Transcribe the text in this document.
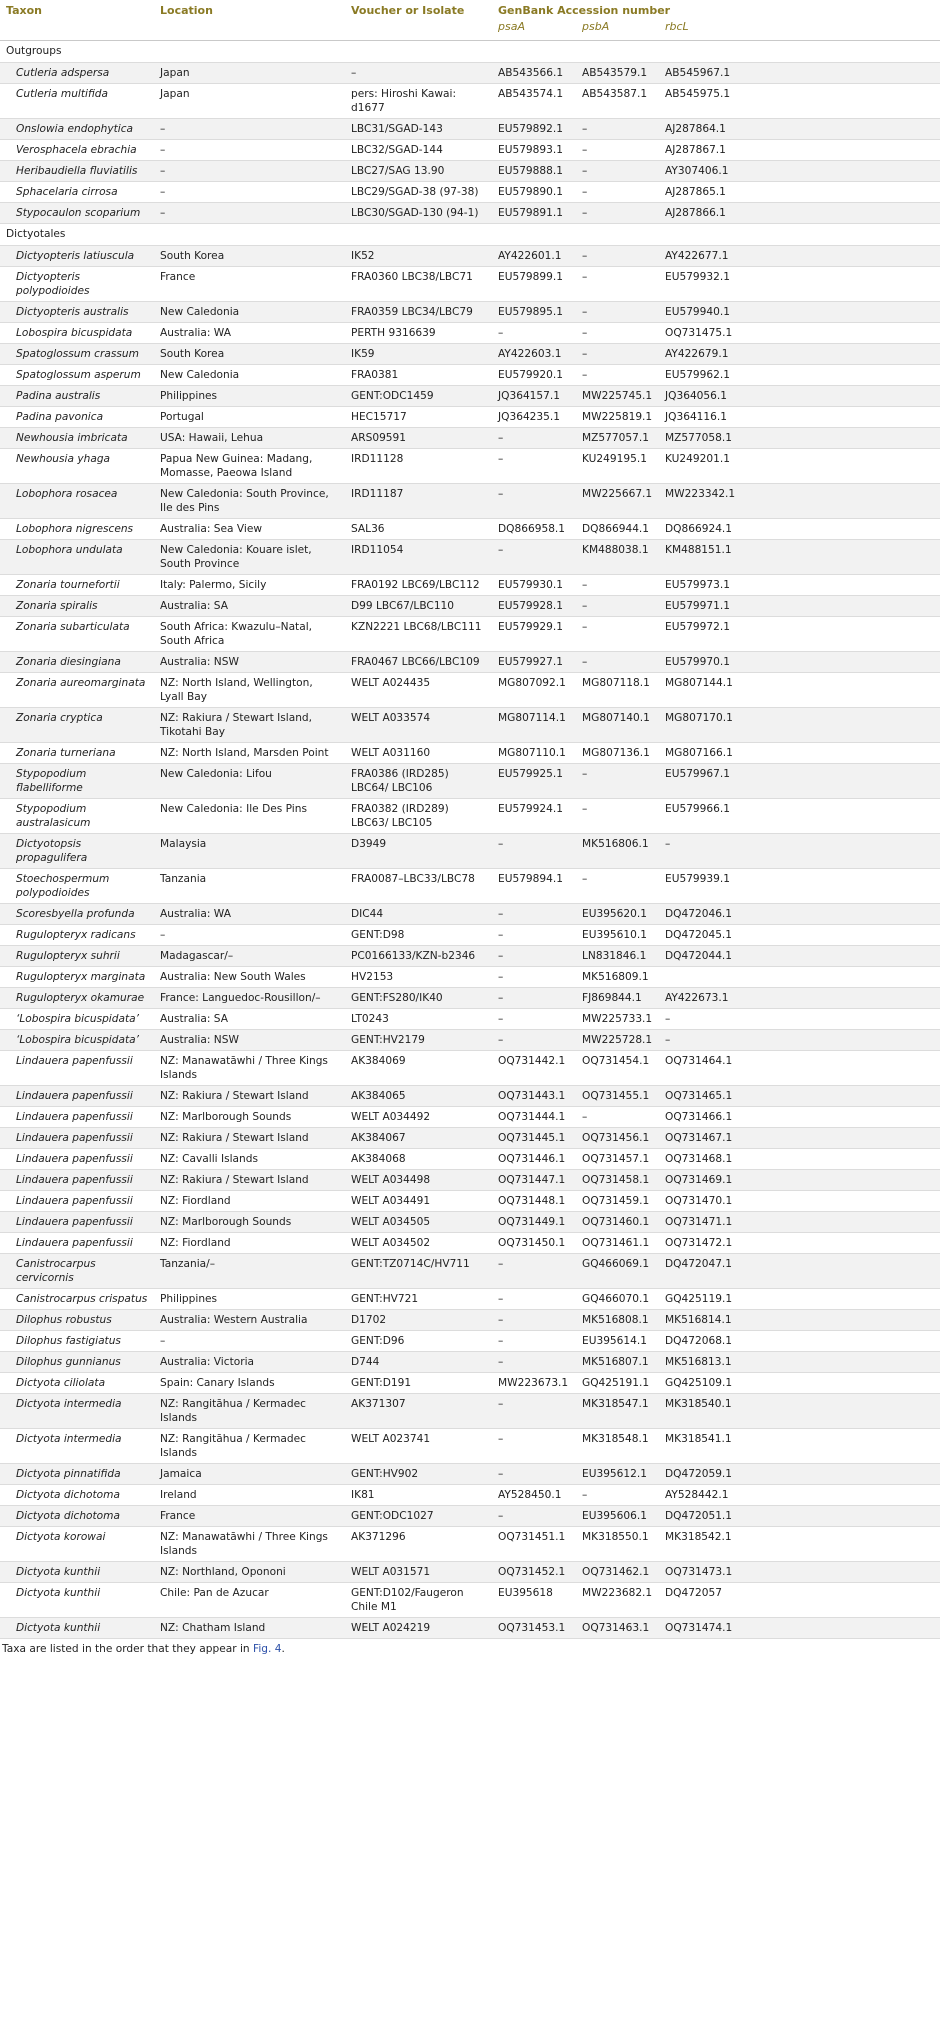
Taxon	Location	Voucher or Isolate	GenBank Accession number		
			psaA	psbA	rbcL
Outgroups					
Cutleria adspersa	Japan	–	AB543566.1	AB543579.1	AB545967.1
Cutleria multifida	Japan	pers: Hiroshi Kawai: d1677	AB543574.1	AB543587.1	AB545975.1
Onslowia endophytica	–	LBC31/SGAD-143	EU579892.1	–	AJ287864.1
Verosphacela ebrachia	–	LBC32/SGAD-144	EU579893.1	–	AJ287867.1
Heribaudiella fluviatilis	–	LBC27/SAG 13.90	EU579888.1	–	AY307406.1
Sphacelaria cirrosa	–	LBC29/SGAD-38 (97-38)	EU579890.1	–	AJ287865.1
Stypocaulon scoparium	–	LBC30/SGAD-130 (94-1)	EU579891.1	–	AJ287866.1
Dictyotales					
Dictyopteris latiuscula	South Korea	IK52	AY422601.1	–	AY422677.1
Dictyopteris polypodioides	France	FRA0360 LBC38/LBC71	EU579899.1	–	EU579932.1
Dictyopteris australis	New Caledonia	FRA0359 LBC34/LBC79	EU579895.1	–	EU579940.1
Lobospira bicuspidata	Australia: WA	PERTH 9316639	–	–	OQ731475.1
Spatoglossum crassum	South Korea	IK59	AY422603.1	–	AY422679.1
Spatoglossum asperum	New Caledonia	FRA0381	EU579920.1	–	EU579962.1
Padina australis	Philippines	GENT:ODC1459	JQ364157.1	MW225745.1	JQ364056.1
Padina pavonica	Portugal	HEC15717	JQ364235.1	MW225819.1	JQ364116.1
Newhousia imbricata	USA: Hawaii, Lehua	ARS09591	–	MZ577057.1	MZ577058.1
Newhousia yhaga	Papua New Guinea: Madang, Momasse, Paeowa Island	IRD11128	–	KU249195.1	KU249201.1
Lobophora rosacea	New Caledonia: South Province, Ile des Pins	IRD11187	–	MW225667.1	MW223342.1
Lobophora nigrescens	Australia: Sea View	SAL36	DQ866958.1	DQ866944.1	DQ866924.1
Lobophora undulata	New Caledonia: Kouare islet, South Province	IRD11054	–	KM488038.1	KM488151.1
Zonaria tournefortii	Italy: Palermo, Sicily	FRA0192 LBC69/LBC112	EU579930.1	–	EU579973.1
Zonaria spiralis	Australia: SA	D99 LBC67/LBC110	EU579928.1	–	EU579971.1
Zonaria subarticulata	South Africa: Kwazulu–Natal, South Africa	KZN2221 LBC68/LBC111	EU579929.1	–	EU579972.1
Zonaria diesingiana	Australia: NSW	FRA0467 LBC66/LBC109	EU579927.1	–	EU579970.1
Zonaria aureomarginata	NZ: North Island, Wellington, Lyall Bay	WELT A024435	MG807092.1	MG807118.1	MG807144.1
Zonaria cryptica	NZ: Rakiura / Stewart Island, Tikotahi Bay	WELT A033574	MG807114.1	MG807140.1	MG807170.1
Zonaria turneriana	NZ: North Island, Marsden Point	WELT A031160	MG807110.1	MG807136.1	MG807166.1
Stypopodium flabelliforme	New Caledonia: Lifou	FRA0386 (IRD285) LBC64/ LBC106	EU579925.1	–	EU579967.1
Stypopodium australasicum	New Caledonia: Ile Des Pins	FRA0382 (IRD289) LBC63/ LBC105	EU579924.1	–	EU579966.1
Dictyotopsis propagulifera	Malaysia	D3949	–	MK516806.1	–
Stoechospermum polypodioides	Tanzania	FRA0087–LBC33/LBC78	EU579894.1	–	EU579939.1
Scoresbyella profunda	Australia: WA	DIC44	–	EU395620.1	DQ472046.1
Rugulopteryx radicans	–	GENT:D98	–	EU395610.1	DQ472045.1
Rugulopteryx suhrii	Madagascar/–	PC0166133/KZN-b2346	–	LN831846.1	DQ472044.1
Rugulopteryx marginata	Australia: New South Wales	HV2153	–	MK516809.1	
Rugulopteryx okamurae	France: Languedoc-Rousillon/–	GENT:FS280/IK40	–	FJ869844.1	AY422673.1
‘Lobospira bicuspidata’	Australia: SA	LT0243	–	MW225733.1	–
‘Lobospira bicuspidata’	Australia: NSW	GENT:HV2179	–	MW225728.1	–
Lindauera papenfussii	NZ: Manawatāwhi / Three Kings Islands	AK384069	OQ731442.1	OQ731454.1	OQ731464.1
Lindauera papenfussii	NZ: Rakiura / Stewart Island	AK384065	OQ731443.1	OQ731455.1	OQ731465.1
Lindauera papenfussii	NZ: Marlborough Sounds	WELT A034492	OQ731444.1	–	OQ731466.1
Lindauera papenfussii	NZ: Rakiura / Stewart Island	AK384067	OQ731445.1	OQ731456.1	OQ731467.1
Lindauera papenfussii	NZ: Cavalli Islands	AK384068	OQ731446.1	OQ731457.1	OQ731468.1
Lindauera papenfussii	NZ: Rakiura / Stewart Island	WELT A034498	OQ731447.1	OQ731458.1	OQ731469.1
Lindauera papenfussii	NZ: Fiordland	WELT A034491	OQ731448.1	OQ731459.1	OQ731470.1
Lindauera papenfussii	NZ: Marlborough Sounds	WELT A034505	OQ731449.1	OQ731460.1	OQ731471.1
Lindauera papenfussii	NZ: Fiordland	WELT A034502	OQ731450.1	OQ731461.1	OQ731472.1
Canistrocarpus cervicornis	Tanzania/–	GENT:TZ0714C/HV711	–	GQ466069.1	DQ472047.1
Canistrocarpus crispatus	Philippines	GENT:HV721	–	GQ466070.1	GQ425119.1
Dilophus robustus	Australia: Western Australia	D1702	–	MK516808.1	MK516814.1
Dilophus fastigiatus	–	GENT:D96	–	EU395614.1	DQ472068.1
Dilophus gunnianus	Australia: Victoria	D744	–	MK516807.1	MK516813.1
Dictyota ciliolata	Spain: Canary Islands	GENT:D191	MW223673.1	GQ425191.1	GQ425109.1
Dictyota intermedia	NZ: Rangitāhua / Kermadec Islands	AK371307	–	MK318547.1	MK318540.1
Dictyota intermedia	NZ: Rangitāhua / Kermadec Islands	WELT A023741	–	MK318548.1	MK318541.1
Dictyota pinnatifida	Jamaica	GENT:HV902	–	EU395612.1	DQ472059.1
Dictyota dichotoma	Ireland	IK81	AY528450.1	–	AY528442.1
Dictyota dichotoma	France	GENT:ODC1027	–	EU395606.1	DQ472051.1
Dictyota korowai	NZ: Manawatāwhi / Three Kings Islands	AK371296	OQ731451.1	MK318550.1	MK318542.1
Dictyota kunthii	NZ: Northland, Opononi	WELT A031571	OQ731452.1	OQ731462.1	OQ731473.1
Dictyota kunthii	Chile: Pan de Azucar	GENT:D102/Faugeron Chile M1	EU395618	MW223682.1	DQ472057
Dictyota kunthii	NZ: Chatham Island	WELT A024219	OQ731453.1	OQ731463.1	OQ731474.1
Taxa are listed in the order that they appear in Fig. 4.
